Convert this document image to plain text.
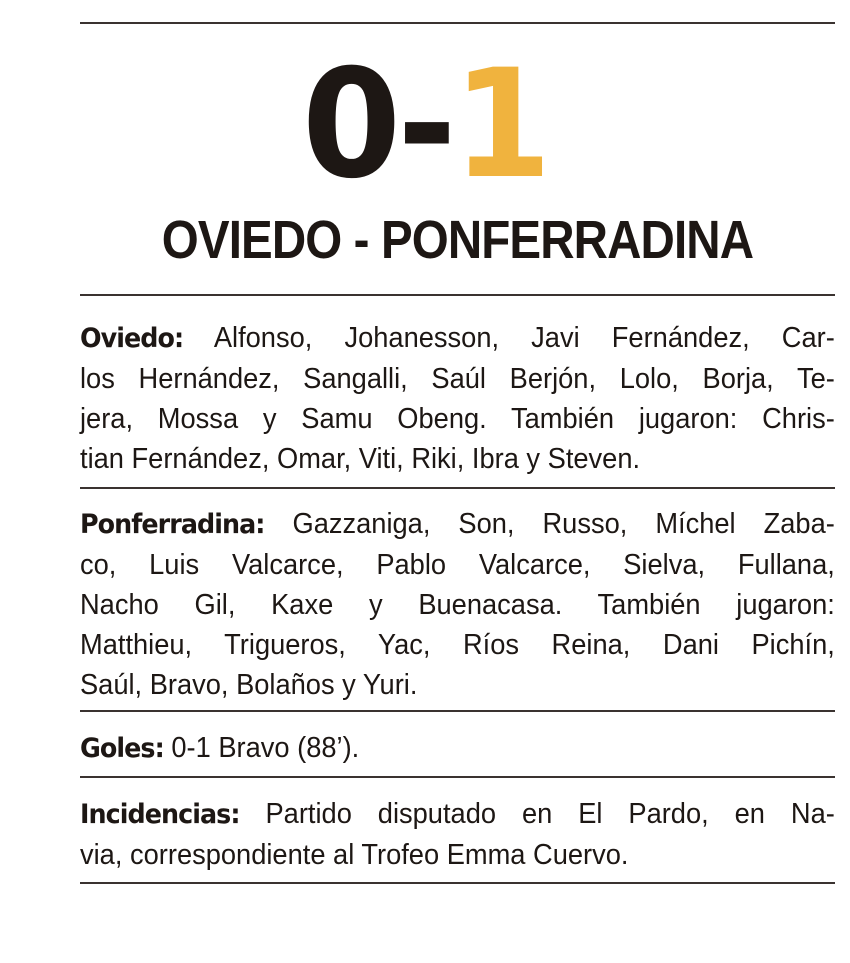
0-1
OVIEDO - PONFERRADINA
Oviedo: Alfonso, Johanesson, Javi Fernández, Car-
los Hernández, Sangalli, Saúl Berjón, Lolo, Borja, Te-
jera, Mossa y Samu Obeng. También jugaron: Chris-
tian Fernández, Omar, Viti, Riki, Ibra y Steven.
Ponferradina: Gazzaniga, Son, Russo, Míchel Zaba-
co, Luis Valcarce, Pablo Valcarce, Sielva, Fullana,
Nacho Gil, Kaxe y Buenacasa. También jugaron:
Matthieu, Trigueros, Yac, Ríos Reina, Dani Pichín,
Saúl, Bravo, Bolaños y Yuri.
Goles: 0-1 Bravo (88’).
Incidencias: Partido disputado en El Pardo, en Na-
via, correspondiente al Trofeo Emma Cuervo.
